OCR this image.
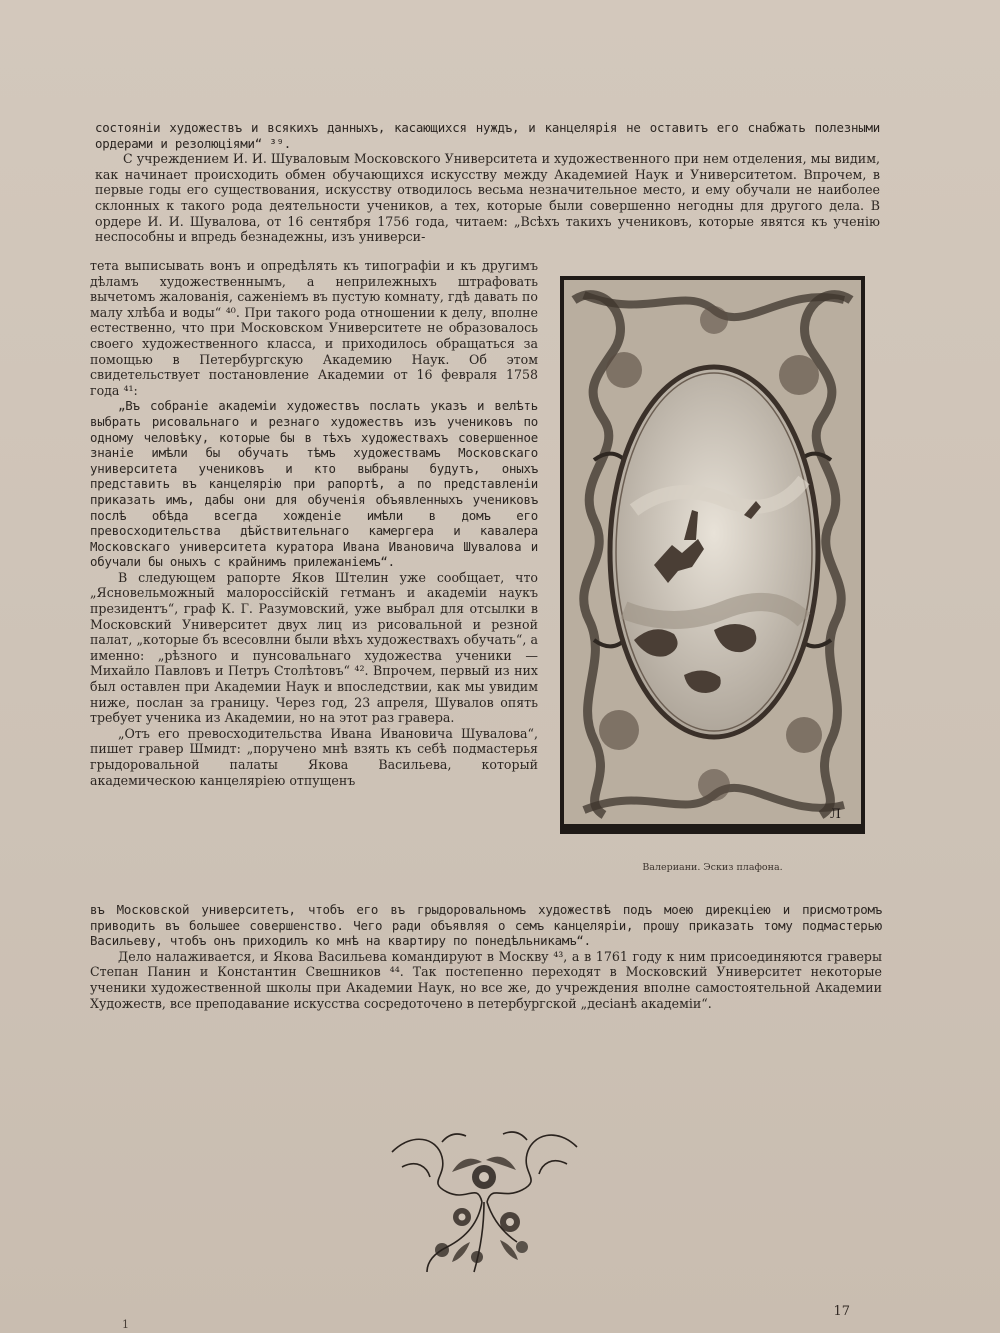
состояніи художествъ и всякихъ данныхъ, касающихся нуждъ, и канцелярія не оставитъ его снабжать полезными ордерами и резолюціями“ ³⁹.

С учреждением И. И. Шуваловым Московского Университета и художественного при нем отделения, мы видим, как начинает происходить обмен обучающихся искусству между Академией Наук и Университетом. Впрочем, в первые годы его существования, искусству отводилось весьма незначительное место, и ему обучали не наиболее склонных к такого рода деятельности учеников, а тех, которые были совершенно негодны для другого дела. В ордере И. И. Шувалова, от 16 сентября 1756 года, читаем: „Всѣхъ такихъ учениковъ, которые явятся къ ученію неспособны и впредь безнадежны, изъ универси-

тета выписывать вонъ и опредѣлять къ типографіи и къ другимъ дѣламъ художественнымъ, а неприлежныхъ штрафовать вычетомъ жалованія, саженіемъ въ пустую комнату, гдѣ давать по малу хлѣба и воды“ ⁴⁰. При такого рода отношении к делу, вполне естественно, что при Московском Университете не образовалось своего художественного класса, и приходилось обращаться за помощью в Петербургскую Академию Наук. Об этом свидетельствует постановление Академии от 16 февраля 1758 года ⁴¹:

„Въ собраніе академіи художествъ послать указъ и велѣть выбрать рисовальнаго и резнаго художествъ изъ учениковъ по одному человѣку, которые бы в тѣхъ художествахъ совершенное знаніе имѣли бы обучать тѣмъ художествамъ Московскаго университета учениковъ и кто выбраны будутъ, оныхъ представить въ канцелярію при рапортѣ, а по представленіи приказать имъ, дабы они для обученія объявленныхъ учениковъ послѣ обѣда всегда хожденіе имѣли в домъ его превосходительства дѣйствительнаго камергера и кавалера Московскаго университета куратора Ивана Ивановича Шувалова и обучали бы оныхъ с крайнимъ прилежаніемъ“.

В следующем рапорте Яков Штелин уже сообщает, что „Ясновельможный малороссійскій гетманъ и академіи наукъ президентъ“, граф К. Г. Разумовский, уже выбрал для отсылки в Московский Университет двух лиц из рисовальной и резной палат, „которые бъ всесовлни были вѣхъ художествахъ обучать“, а именно: „рѣзного и пунсовальнаго художества ученики — Михайло Павловъ и Петръ Столѣтовъ“ ⁴². Впрочем, первый из них был оставлен при Академии Наук и впоследствии, как мы увидим ниже, послан за границу. Через год, 23 апреля, Шувалов опять требует ученика из Академии, но на этот раз гравера.

„Отъ его превосходительства Ивана Ивановича Шувалова“, пишет гравер Шмидт: „поручено мнѣ взять къ себѣ подмастерья грыдоровальной палаты Якова Васильева, который академическою канцеляріею отпущенъ

Л
Валериани. Эскиз плафона.

въ Московской университетъ, чтобъ его въ грыдоровальномъ художествѣ подъ моею дирекціею и присмотромъ приводить въ большее совершенство. Чего ради объявляя о семъ канцеляріи, прошу приказать тому подмастерью Васильеву, чтобъ онъ приходилъ ко мнѣ на квартиру по понедѣльникамъ“.

Дело налаживается, и Якова Васильева командируют в Москву ⁴³, а в 1761 году к ним присоединяются граверы Степан Панин и Константин Свешников ⁴⁴. Так постепенно переходят в Московский Университет некоторые ученики художественной школы при Академии Наук, но все же, до учреждения вполне самостоятельной Академии Художеств, все преподавание искусства сосредоточено в петербургской „десіанѣ академіи“.

1
17
